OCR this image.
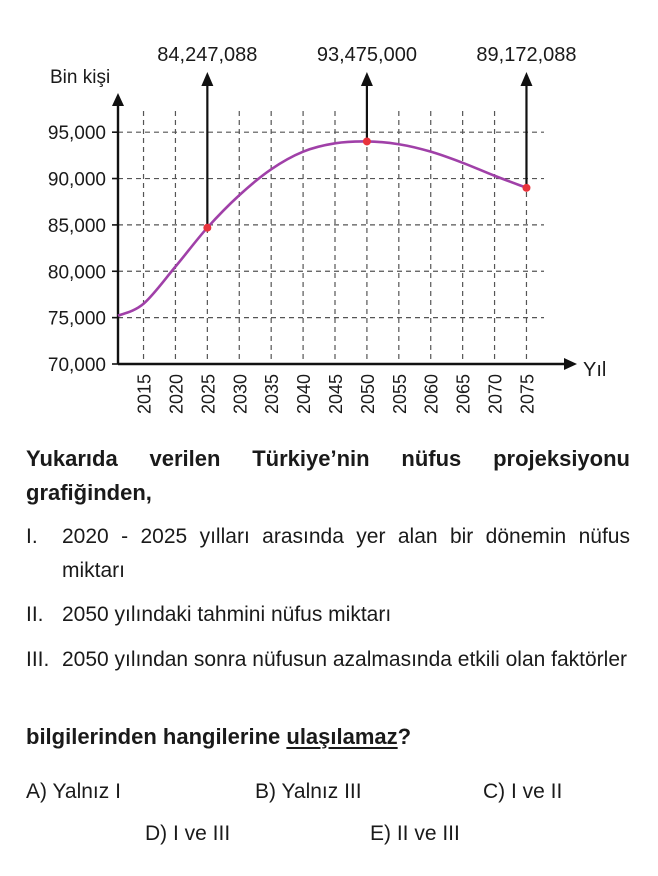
70,000
75,000
80,000
85,000
90,000
95,000
2015 2020 2025 2030 2035 2040 2045 2050 2055 2060 2065 2070 2075
84,247,088	93,475,000	89,172,088
Bin kişi
Yıl
Yukarıda verilen Türkiye’nin nüfus projeksiyonu
grafiğinden,
I. 2020 - 2025 yılları arasında yer alan bir dönemin nüfus miktarı
II. 2050 yılındaki tahmini nüfus miktarı
III. 2050 yılından sonra nüfusun azalmasında etkili olan faktörler
bilgilerinden hangilerine ulaşılamaz?
A) Yalnız I	B) Yalnız III	C) I ve II
D) I ve III	E) II ve III
